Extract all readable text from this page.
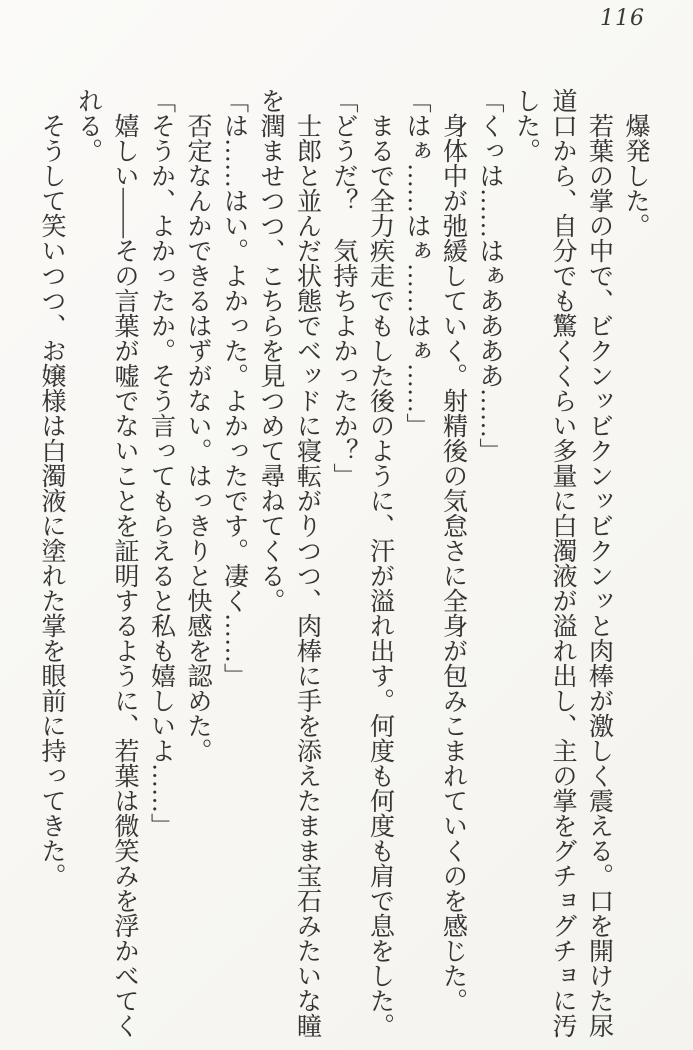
116

　爆発した。

　若葉の掌の中で、ビクンッビクンッビクンッと肉棒が激しく震える。口を開けた尿道口から、自分でも驚くくらい多量に白濁液が溢れ出し、主の掌をグチョグチョに汚した。

「くっは……はぁああああ……」

　身体中が弛緩していく。射精後の気怠さに全身が包みこまれていくのを感じた。

「はぁ……はぁ……はぁ……」

　まるで全力疾走でもした後のように、汗が溢れ出す。何度も何度も肩で息をした。

「どうだ？　気持ちよかったか？」

　士郎と並んだ状態でベッドに寝転がりつつ、肉棒に手を添えたまま宝石みたいな瞳を潤ませつつ、こちらを見つめて尋ねてくる。

「は……はい。よかった。よかったです。凄く……」

　否定なんかできるはずがない。はっきりと快感を認めた。

「そうか、よかったか。そう言ってもらえると私も嬉しいよ……」

　嬉しい――その言葉が嘘でないことを証明するように、若葉は微笑みを浮かべてくれる。

　そうして笑いつつ、お嬢様は白濁液に塗れた掌を眼前に持ってきた。
